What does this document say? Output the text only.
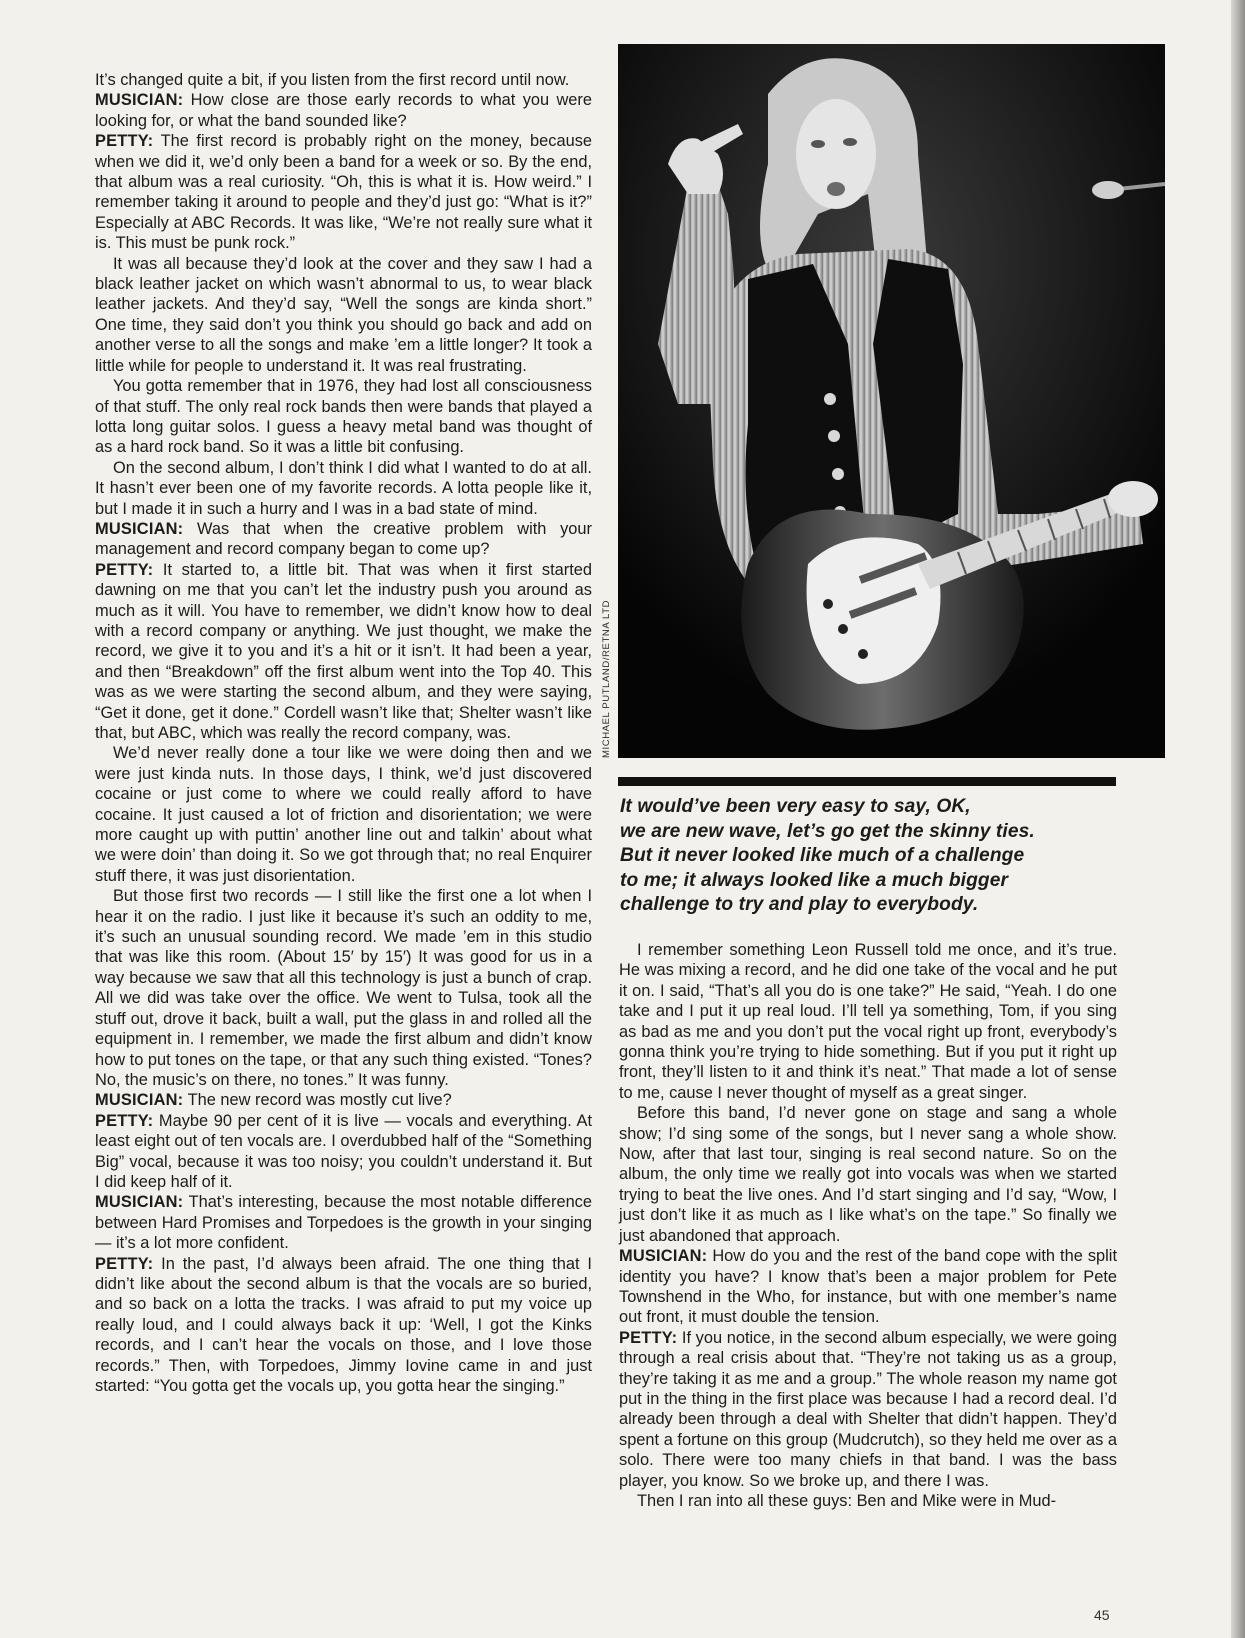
It’s changed quite a bit, if you listen from the first record until now.

MUSICIAN: How close are those early records to what you were looking for, or what the band sounded like?

PETTY: The first record is probably right on the money, because when we did it, we’d only been a band for a week or so. By the end, that album was a real curiosity. “Oh, this is what it is. How weird.” I remember taking it around to people and they’d just go: “What is it?” Especially at ABC Records. It was like, “We’re not really sure what it is. This must be punk rock.”

It was all because they’d look at the cover and they saw I had a black leather jacket on which wasn’t abnormal to us, to wear black leather jackets. And they’d say, “Well the songs are kinda short.” One time, they said don’t you think you should go back and add on another verse to all the songs and make ’em a little longer? It took a little while for people to understand it. It was real frustrating.

You gotta remember that in 1976, they had lost all consciousness of that stuff. The only real rock bands then were bands that played a lotta long guitar solos. I guess a heavy metal band was thought of as a hard rock band. So it was a little bit confusing.

On the second album, I don’t think I did what I wanted to do at all. It hasn’t ever been one of my favorite records. A lotta people like it, but I made it in such a hurry and I was in a bad state of mind.

MUSICIAN: Was that when the creative problem with your management and record company began to come up?

PETTY: It started to, a little bit. That was when it first started dawning on me that you can’t let the industry push you around as much as it will. You have to remember, we didn’t know how to deal with a record company or anything. We just thought, we make the record, we give it to you and it’s a hit or it isn’t. It had been a year, and then “Breakdown” off the first album went into the Top 40. This was as we were starting the second album, and they were saying, “Get it done, get it done.” Cordell wasn’t like that; Shelter wasn’t like that, but ABC, which was really the record company, was.

We’d never really done a tour like we were doing then and we were just kinda nuts. In those days, I think, we’d just discovered cocaine or just come to where we could really afford to have cocaine. It just caused a lot of friction and disorientation; we were more caught up with puttin’ another line out and talkin’ about what we were doin’ than doing it. So we got through that; no real Enquirer stuff there, it was just disorientation.

But those first two records — I still like the first one a lot when I hear it on the radio. I just like it because it’s such an oddity to me, it’s such an unusual sounding record. We made ’em in this studio that was like this room. (About 15′ by 15′) It was good for us in a way because we saw that all this technology is just a bunch of crap. All we did was take over the office. We went to Tulsa, took all the stuff out, drove it back, built a wall, put the glass in and rolled all the equipment in. I remember, we made the first album and didn’t know how to put tones on the tape, or that any such thing existed. “Tones? No, the music’s on there, no tones.” It was funny.

MUSICIAN: The new record was mostly cut live?

PETTY: Maybe 90 per cent of it is live — vocals and everything. At least eight out of ten vocals are. I overdubbed half of the “Something Big” vocal, because it was too noisy; you couldn’t understand it. But I did keep half of it.

MUSICIAN: That’s interesting, because the most notable difference between Hard Promises and Torpedoes is the growth in your singing — it’s a lot more confident.

PETTY: In the past, I’d always been afraid. The one thing that I didn’t like about the second album is that the vocals are so buried, and so back on a lotta the tracks. I was afraid to put my voice up really loud, and I could always back it up: ‘Well, I got the Kinks records, and I can’t hear the vocals on those, and I love those records.” Then, with Torpedoes, Jimmy Iovine came in and just started: “You gotta get the vocals up, you gotta hear the singing.”

MICHAEL PUTLAND/RETNA LTD
It would’ve been very easy to say, OK,
we are new wave, let’s go get the skinny ties.
But it never looked like much of a challenge
to me; it always looked like a much bigger
challenge to try and play to everybody.

I remember something Leon Russell told me once, and it’s true. He was mixing a record, and he did one take of the vocal and he put it on. I said, “That’s all you do is one take?” He said, “Yeah. I do one take and I put it up real loud. I’ll tell ya something, Tom, if you sing as bad as me and you don’t put the vocal right up front, everybody’s gonna think you’re trying to hide something. But if you put it right up front, they’ll listen to it and think it’s neat.” That made a lot of sense to me, cause I never thought of myself as a great singer.

Before this band, I’d never gone on stage and sang a whole show; I’d sing some of the songs, but I never sang a whole show. Now, after that last tour, singing is real second nature. So on the album, the only time we really got into vocals was when we started trying to beat the live ones. And I’d start singing and I’d say, “Wow, I just don’t like it as much as I like what’s on the tape.” So finally we just abandoned that approach.

MUSICIAN: How do you and the rest of the band cope with the split identity you have? I know that’s been a major problem for Pete Townshend in the Who, for instance, but with one member’s name out front, it must double the tension.

PETTY: If you notice, in the second album especially, we were going through a real crisis about that. “They’re not taking us as a group, they’re taking it as me and a group.” The whole reason my name got put in the thing in the first place was because I had a record deal. I’d already been through a deal with Shelter that didn’t happen. They’d spent a fortune on this group (Mudcrutch), so they held me over as a solo. There were too many chiefs in that band. I was the bass player, you know. So we broke up, and there I was.

Then I ran into all these guys: Ben and Mike were in Mud-

45
